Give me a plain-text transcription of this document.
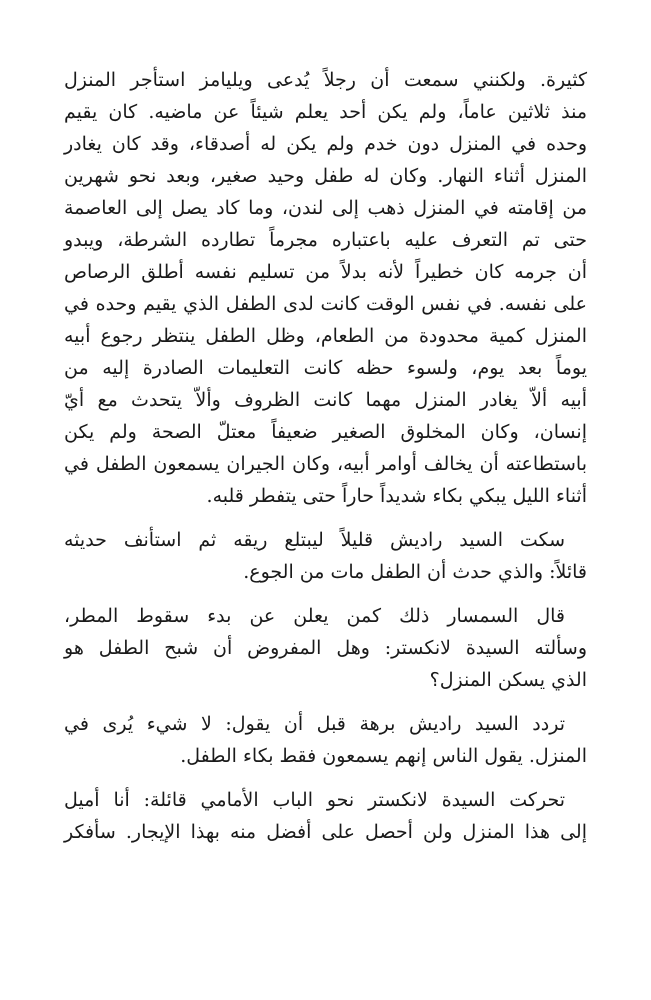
كثيرة. ولكنني سمعت أن رجلاً يُدعى ويليامز استأجر المنزل
منذ ثلاثين عاماً، ولم يكن أحد يعلم شيئاً عن ماضيه. كان يقيم
وحده في المنزل دون خدم ولم يكن له أصدقاء، وقد كان يغادر
المنزل أثناء النهار. وكان له طفل وحيد صغير، وبعد نحو شهرين
من إقامته في المنزل ذهب إلى لندن، وما كاد يصل إلى العاصمة
حتى تم التعرف عليه باعتباره مجرماً تطارده الشرطة، ويبدو
أن جرمه كان خطيراً لأنه بدلاً من تسليم نفسه أطلق الرصاص
على نفسه. في نفس الوقت كانت لدى الطفل الذي يقيم وحده في
المنزل كمية محدودة من الطعام، وظل الطفل ينتظر رجوع أبيه
يوماً بعد يوم، ولسوء حظه كانت التعليمات الصادرة إليه من
أبيه ألاّ يغادر المنزل مهما كانت الظروف وألاّ يتحدث مع أيّ
إنسان، وكان المخلوق الصغير ضعيفاً معتلّ الصحة ولم يكن
باستطاعته أن يخالف أوامر أبيه، وكان الجيران يسمعون الطفل في
أثناء الليل يبكي بكاء شديداً حاراً حتى يتفطر قلبه.

سكت السيد راديش قليلاً ليبتلع ريقه ثم استأنف حديثه
قائلاً: والذي حدث أن الطفل مات من الجوع.

قال السمسار ذلك كمن يعلن عن بدء سقوط المطر،
وسألته السيدة لانكستر: وهل المفروض أن شبح الطفل هو
الذي يسكن المنزل؟

تردد السيد راديش برهة قبل أن يقول: لا شيء يُرى في
المنزل. يقول الناس إنهم يسمعون فقط بكاء الطفل.

تحركت السيدة لانكستر نحو الباب الأمامي قائلة: أنا أميل
إلى هذا المنزل ولن أحصل على أفضل منه بهذا الإيجار. سأفكر
